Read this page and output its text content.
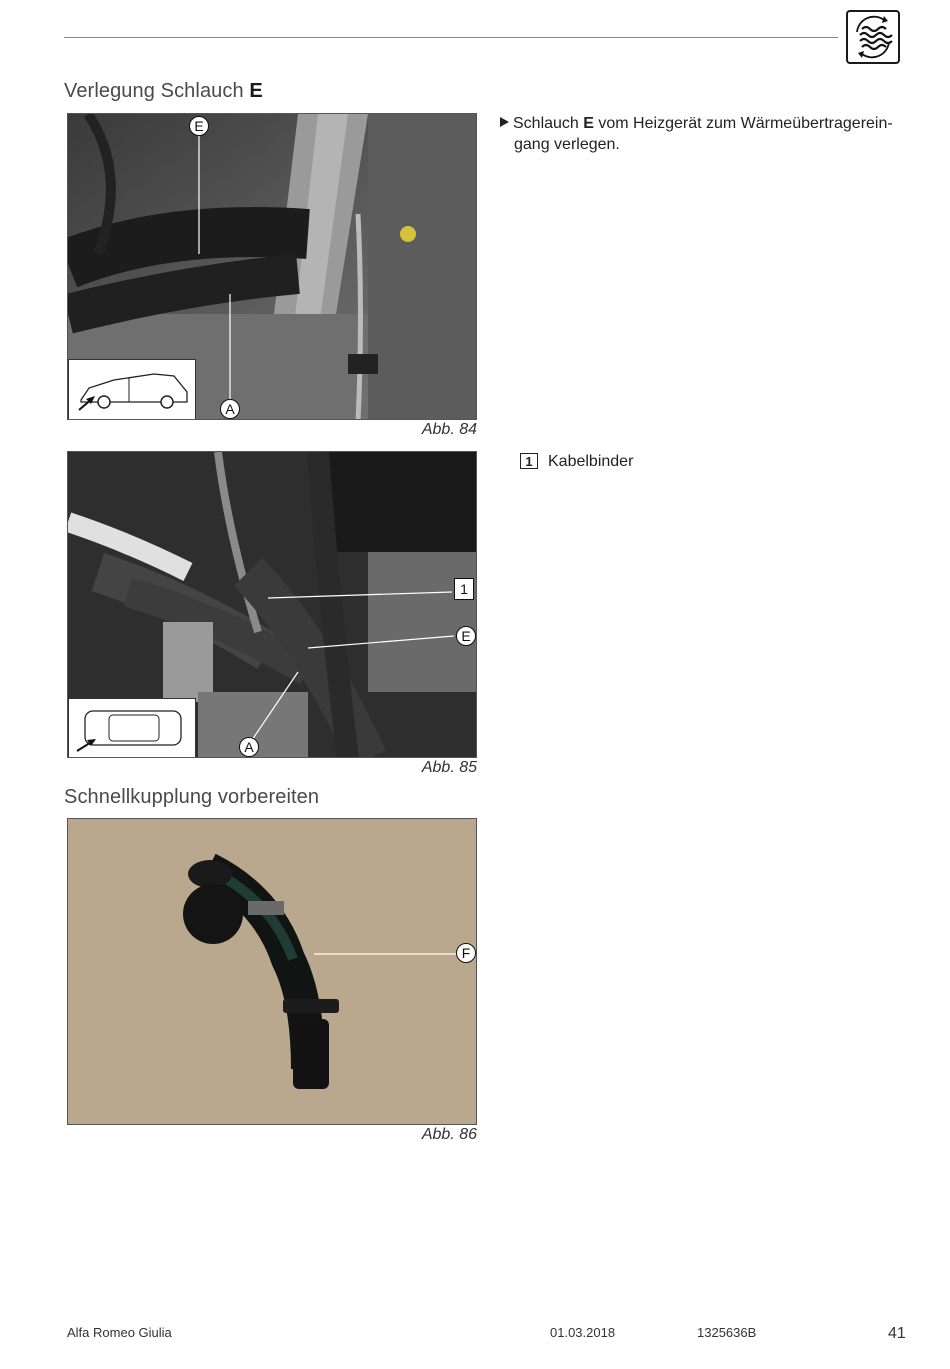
Verlegung Schlauch E
E
A
Abb. 84
Schlauch E vom Heizgerät zum Wärmeübertragerein-
gang verlegen.
1 Kabelbinder
1
E
A
Abb. 85
Schnellkupplung vorbereiten
F
Abb. 86
Alfa Romeo Giulia	01.03.2018	1325636B	41
